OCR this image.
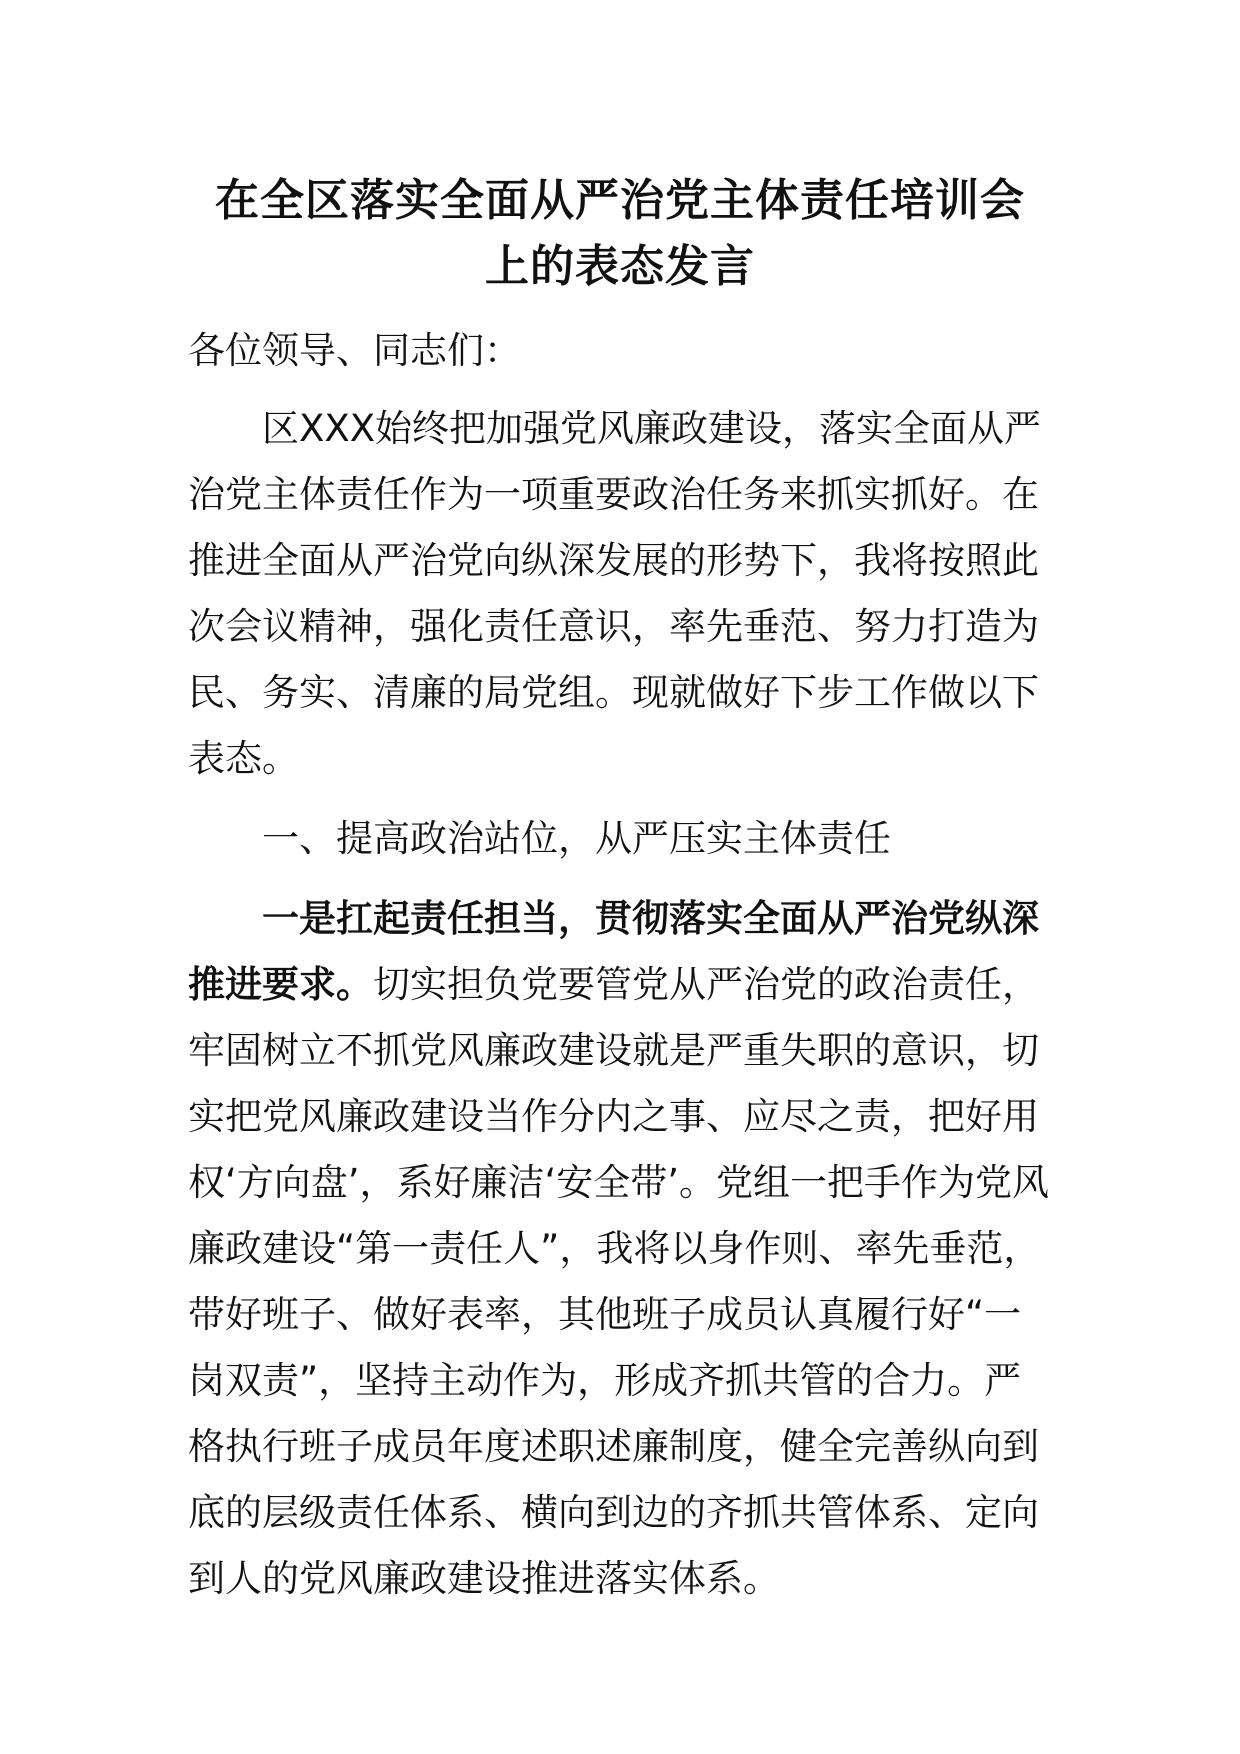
在全区落实全面从严治党主体责任培训会
上的表态发言

各位领导、同志们：

区XXX始终把加强党风廉政建设，落实全面从严治党主体责任作为一项重要政治任务来抓实抓好。在推进全面从严治党向纵深发展的形势下，我将按照此次会议精神，强化责任意识，率先垂范、努力打造为民、务实、清廉的局党组。现就做好下步工作做以下表态。

一、提高政治站位，从严压实主体责任

一是扛起责任担当，贯彻落实全面从严治党纵深推进要求。切实担负党要管党从严治党的政治责任，牢固树立不抓党风廉政建设就是严重失职的意识，切实把党风廉政建设当作分内之事、应尽之责，把好用权‘方向盘’，系好廉洁‘安全带’。党组一把手作为党风廉政建设“第一责任人”，我将以身作则、率先垂范，带好班子、做好表率，其他班子成员认真履行好“一岗双责”，坚持主动作为，形成齐抓共管的合力。严格执行班子成员年度述职述廉制度，健全完善纵向到底的层级责任体系、横向到边的齐抓共管体系、定向到人的党风廉政建设推进落实体系。
